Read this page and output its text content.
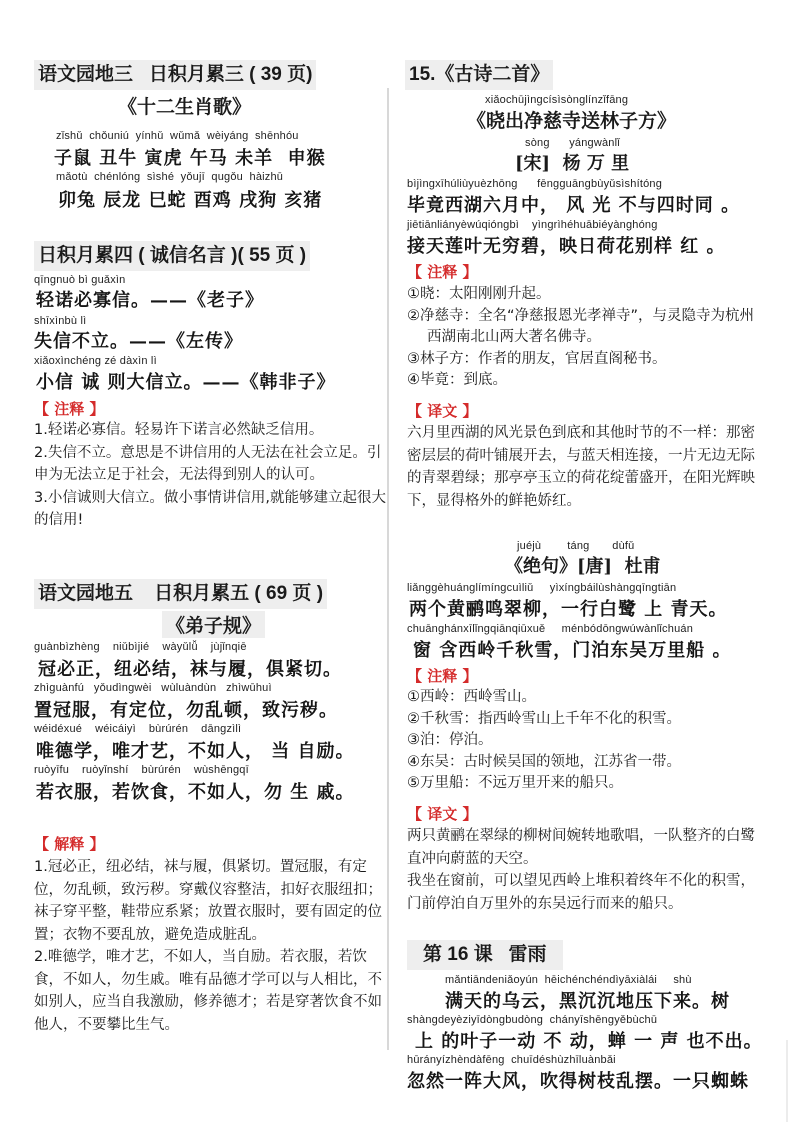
语文园地三   日积月累三 ( 39 页)
《十二生肖歌》
zǐshǔ  chǒuniú  yínhǔ  wǔmǎ  wèiyáng  shēnhóu
子鼠 丑牛 寅虎 午马 未羊  申猴
mǎotù  chénlóng  sìshé  yǒujī  qugǒu  hàizhū
卯兔 辰龙 巳蛇 酉鸡 戌狗 亥猪
日积月累四 ( 诚信名言 )( 55 页 )
qīngnuò bì guǎxìn
轻诺必寡信。——《老子》
shīxìnbù lì
失信不立。——《左传》
xiǎoxìnchéng zé dàxìn lì
小信 诚 则大信立。——《韩非子》
【 注释 】

1.轻诺必寡信。轻易许下诺言必然缺乏信用。

2.失信不立。意思是不讲信用的人无法在社会立足。引申为无法立足于社会，无法得到别人的认可。

3.小信诚则大信立。做小事情讲信用,就能够建立起很大的信用!

语文园地五    日积月累五 ( 69 页 )
《弟子规》
guànbìzhèng    niǔbìjié    wàyǔlǚ    jùjǐnqiē
冠必正，纽必结，袜与履，俱紧切。
zhìguànfú   yǒudìngwèi   wùluàndùn   zhìwūhuì
置冠服，有定位，勿乱顿，致污秽。
wéidéxué    wéicáiyì    bùrúrén    dāngzìlì
唯德学，唯才艺，不如人， 当 自励。
ruòyīfu    ruòyǐnshí    bùrúrén    wùshēngqī
若衣服，若饮食，不如人，勿 生 戚。
【 解释 】

1.冠必正，纽必结，袜与履，俱紧切。置冠服，有定位，勿乱顿，致污秽。穿戴仪容整洁，扣好衣服纽扣；袜子穿平整，鞋带应系紧；放置衣服时，要有固定的位置；衣物不要乱放，避免造成脏乱。

2.唯德学，唯才艺，不如人，当自励。若衣服，若饮食，不如人，勿生戚。唯有品德才学可以与人相比，不如别人，应当自我激励，修养德才；若是穿著饮食不如他人，不要攀比生气。

15.《古诗二首》
xiǎochūjìngcísìsònglínzǐfāng
《晓出净慈寺送林子方》
sòng      yángwànlǐ
[宋]  杨 万 里
bìjìngxīhúliùyuèzhōng      fēngguāngbùyǔsìshítóng
毕竟西湖六月中， 风 光 不与四时同 。
jiētiānliányèwúqióngbì    yìngrìhéhuābiéyànghóng
接天莲叶无穷碧，映日荷花别样 红 。
【 注释 】
①晓：太阳刚刚升起。
②净慈寺：全名“净慈报恩光孝禅寺”，与灵隐寺为杭州西湖南北山两大著名佛寺。
③林子方：作者的朋友，官居直阁秘书。
④毕竟：到底。
【 译文 】
六月里西湖的风光景色到底和其他时节的不一样：那密密层层的荷叶铺展开去，与蓝天相连接，一片无边无际的青翠碧绿；那亭亭玉立的荷花绽蕾盛开，在阳光辉映下，显得格外的鲜艳娇红。
juéjù        táng       dùfǔ
《绝句》[唐]  杜甫
liǎnggèhuánglímíngcuìliǔ     yìxíngbáilùshàngqīngtiān
两个黄鹂鸣翠柳，一行白鹭 上 青天。
chuānghánxīlǐngqiānqiūxuě     ménbódōngwúwànlǐchuán
窗 含西岭千秋雪，门泊东吴万里船 。
【 注释 】
①西岭：西岭雪山。
②千秋雪：指西岭雪山上千年不化的积雪。
③泊：停泊。
④东吴：古时候吴国的领地，江苏省一带。
⑤万里船：不远万里开来的船只。
【 译文 】

两只黄鹂在翠绿的柳树间婉转地歌唱，一队整齐的白鹭直冲向蔚蓝的天空。

我坐在窗前，可以望见西岭上堆积着终年不化的积雪，门前停泊自万里外的东吴远行而来的船只。

第 16 课   雷雨
mǎntiāndeniǎoyún  hēichénchéndìyāxiàlái     shù
满天的乌云，黑沉沉地压下来。树
shàngdeyèziyīdòngbudòng  chányīshēngyěbùchū
上 的叶子一动 不 动，蝉 一 声 也不出。
hūrányízhèndàfēng  chuīdéshùzhīluànbǎi
忽然一阵大风，吹得树枝乱摆。一只蜘蛛
